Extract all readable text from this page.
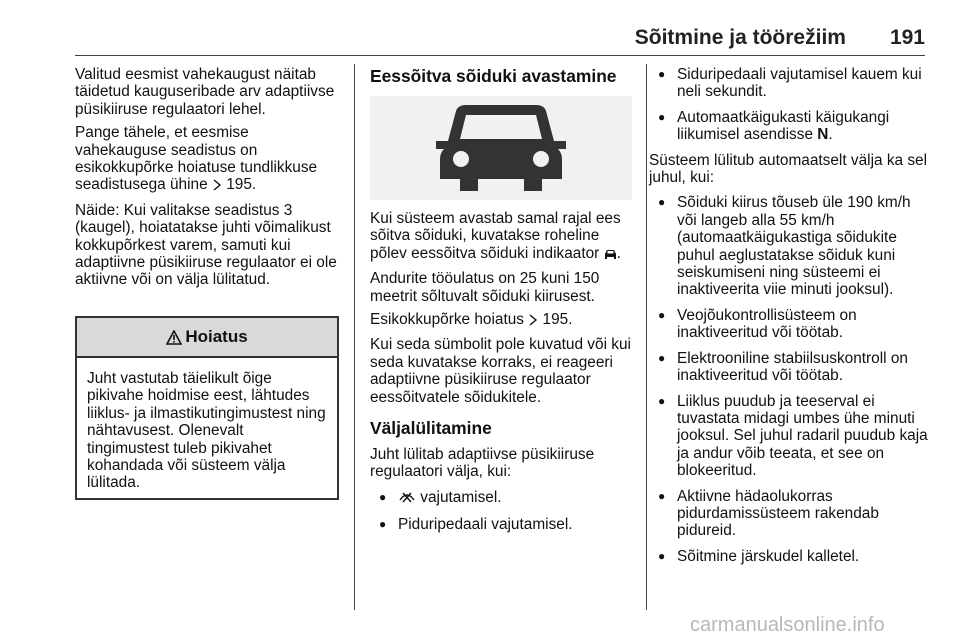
Sõitmine ja töörežiim 191

Valitud eesmist vahekaugust näitab täidetud kauguseribade arv adaptiivse püsikiiruse regulaatori lehel.

Pange tähele, et eesmise vahekauguse seadistus on esikokkupõrke hoiatuse tundlikkuse seadistusega ühine  195.

Näide: Kui valitakse seadistus 3 (kaugel), hoiatatakse juhti võimalikust kokkupõrkest varem, samuti kui adaptiivne püsikiiruse regulaator ei ole aktiivne või on välja lülitatud.

Hoiatus
Juht vastutab täielikult õige pikivahe hoidmise eest, lähtudes liiklus- ja ilmastikutingimustest ning nähtavusest. Olenevalt tingimustest tuleb pikivahet kohandada või süsteem välja lülitada.
Eessõitva sõiduki avastamine

Kui süsteem avastab samal rajal ees sõitva sõiduki, kuvatakse roheline põlev eessõitva sõiduki indikaator .

Andurite tööulatus on 25 kuni 150 meetrit sõltuvalt sõiduki kiirusest.

Esikokkupõrke hoiatus  195.

Kui seda sümbolit pole kuvatud või kui seda kuvatakse korraks, ei reageeri adaptiivne püsikiiruse regulaator eessõitvatele sõidukitele.

Väljalülitamine

Juht lülitab adaptiivse püsikiiruse regulaatori välja, kui:

● vajutamisel.
● Piduripedaali vajutamisel.
● Siduripedaali vajutamisel kauem kui neli sekundit.
● Automaatkäigukasti käigukangi liikumisel asendisse N.

Süsteem lülitub automaatselt välja ka sel juhul, kui:

● Sõiduki kiirus tõuseb üle 190 km/h või langeb alla 55 km/h (automaatkäigukastiga sõidukite puhul aeglustatakse sõiduk kuni seiskumiseni ning süsteemi ei inaktiveerita viie minuti jooksul).
● Veojõukontrollisüsteem on inaktiveeritud või töötab.
● Elektrooniline stabiilsuskontroll on inaktiveeritud või töötab.
● Liiklus puudub ja teeserval ei tuvastata midagi umbes ühe minuti jooksul. Sel juhul radaril puudub kaja ja andur võib teeata, et see on blokeeritud.
● Aktiivne hädaolukorras pidurdamissüsteem rakendab pidureid.
● Sõitmine järskudel kalletel.
carmanualsonline.info
